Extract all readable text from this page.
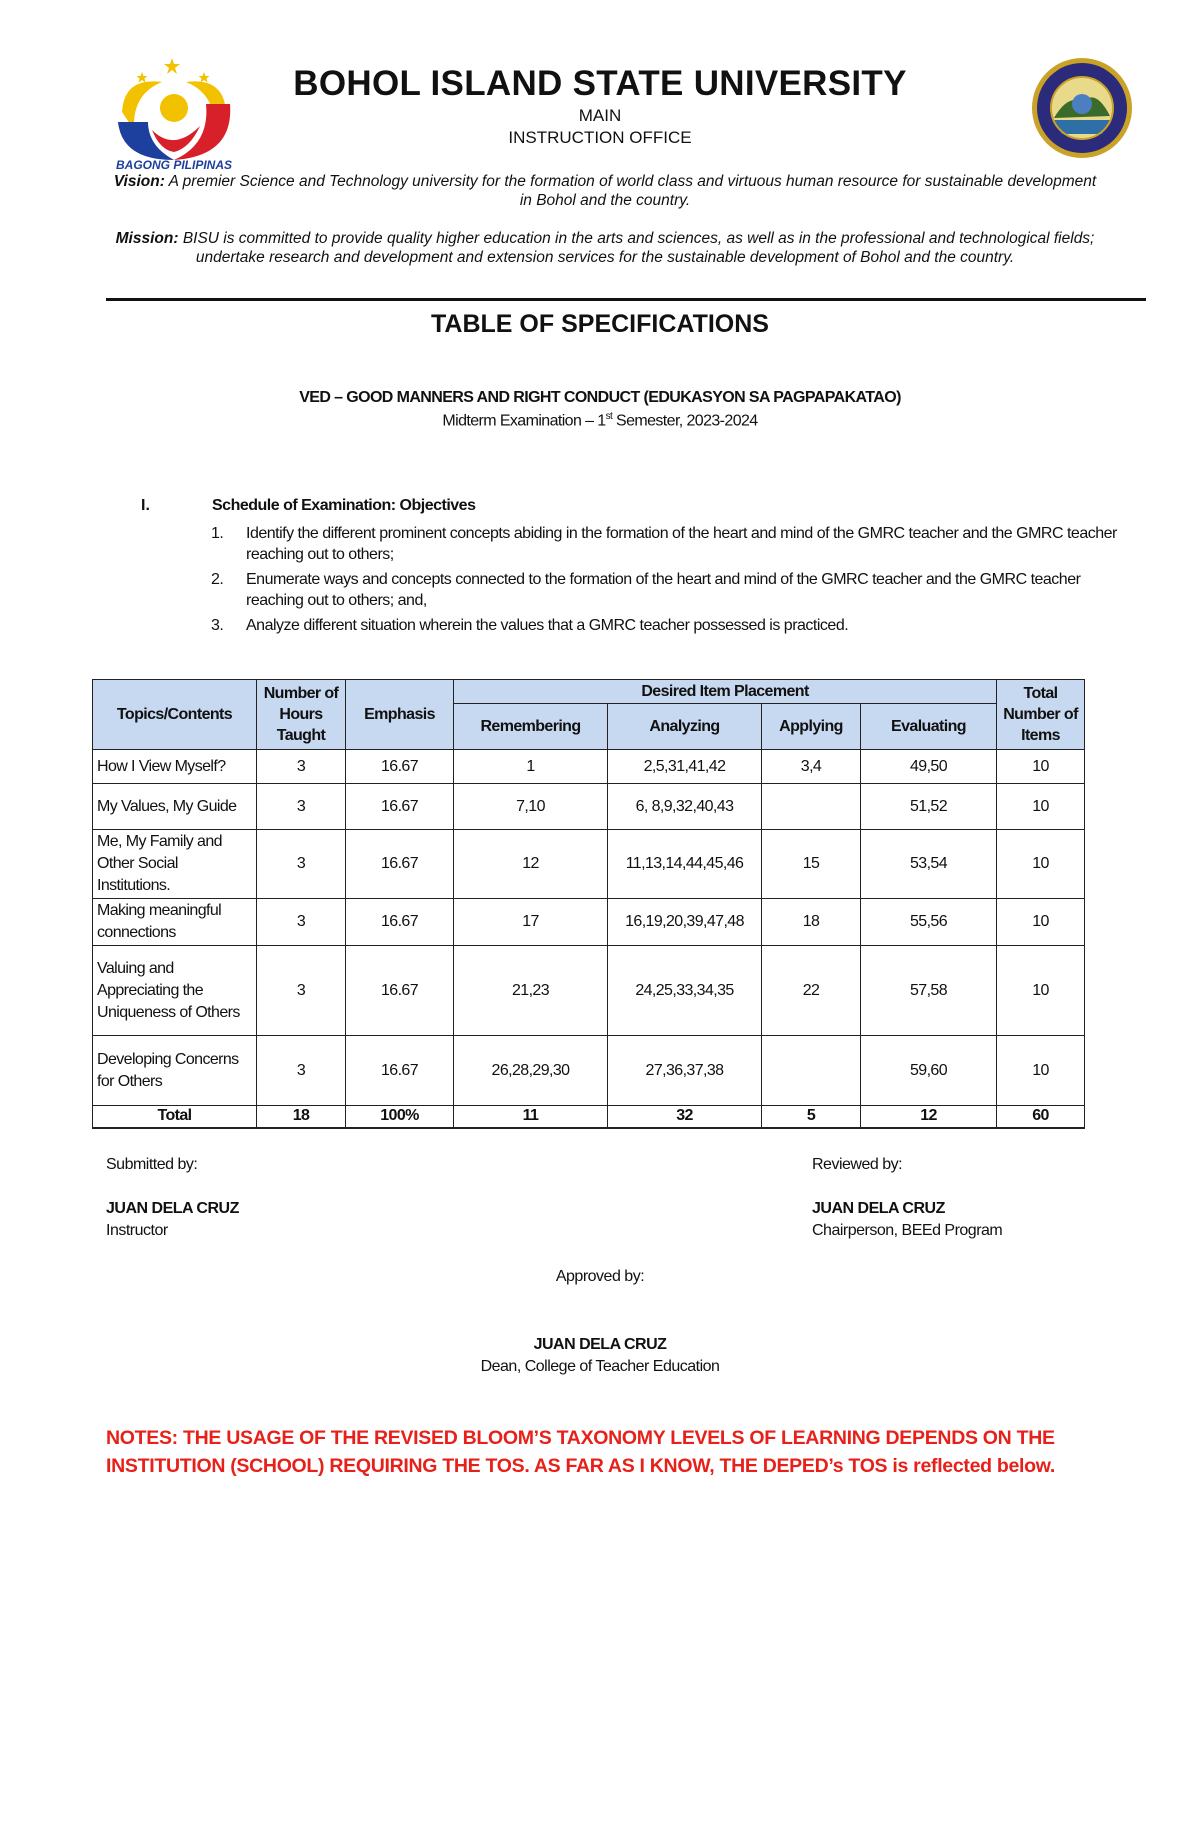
BAGONG PILIPINAS
BOHOL ISLAND STATE UNIVERSITY
MAIN
INSTRUCTION OFFICE
Vision: A premier Science and Technology university for the formation of world class and virtuous human resource for sustainable development in Bohol and the country.
Mission: BISU is committed to provide quality higher education in the arts and sciences, as well as in the professional and technological fields; undertake research and development and extension services for the sustainable development of Bohol and the country.
TABLE OF SPECIFICATIONS
VED – GOOD MANNERS AND RIGHT CONDUCT (EDUKASYON SA PAGPAPAKATAO)
Midterm Examination – 1st Semester, 2023-2024
I.	Schedule of Examination: Objectives
1. Identify the different prominent concepts abiding in the formation of the heart and mind of the GMRC teacher and the GMRC teacher reaching out to others;
2. Enumerate ways and concepts connected to the formation of the heart and mind of the GMRC teacher and the GMRC teacher reaching out to others; and,
3. Analyze different situation wherein the values that a GMRC teacher possessed is practiced.
Topics/Contents	Number of Hours Taught	Emphasis	Desired Item Placement				Total Number of Items
			Remembering	Analyzing	Applying	Evaluating	
How I View Myself?	3	16.67	1	2,5,31,41,42	3,4	49,50	10
My Values, My Guide	3	16.67	7,10	6, 8,9,32,40,43		51,52	10
Me, My Family and Other Social Institutions.	3	16.67	12	11,13,14,44,45,46	15	53,54	10
Making meaningful connections	3	16.67	17	16,19,20,39,47,48	18	55,56	10
Valuing and Appreciating the Uniqueness of Others	3	16.67	21,23	24,25,33,34,35	22	57,58	10
Developing Concerns for Others	3	16.67	26,28,29,30	27,36,37,38		59,60	10
Total	18	100%	11	32	5	12	60
Submitted by:
JUAN DELA CRUZ
Instructor
Reviewed by:
JUAN DELA CRUZ
Chairperson, BEEd Program
Approved by:
JUAN DELA CRUZ
Dean, College of Teacher Education
NOTES: THE USAGE OF THE REVISED BLOOM’S TAXONOMY LEVELS OF LEARNING DEPENDS ON THE
INSTITUTION (SCHOOL) REQUIRING THE TOS. AS FAR AS I KNOW, THE DEPED’s TOS is reflected below.
